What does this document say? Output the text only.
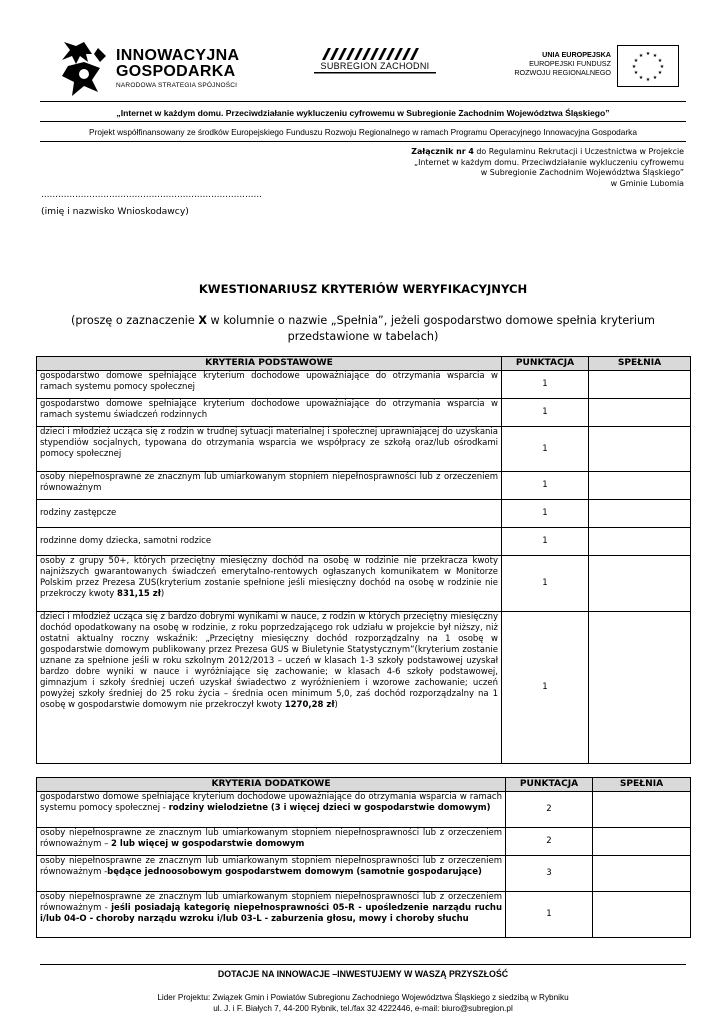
INNOWACYJNA
GOSPODARKA
NARODOWA STRATEGIA SPÓJNOŚCI
SUBREGION ZACHODNI
UNIA EUROPEJSKA
EUROPEJSKI FUNDUSZ
ROZWOJU REGIONALNEGO
★ ★
★
★
★
★
★
★
★
★
★
★
„Internet w każdym domu. Przeciwdziałanie wykluczeniu cyfrowemu w Subregionie Zachodnim Województwa Śląskiego”
Projekt współfinansowany ze środków Europejskiego Funduszu Rozwoju Regionalnego w ramach Programu Operacyjnego Innowacyjna Gospodarka
Załącznik nr 4 do Regulaminu Rekrutacji i Uczestnictwa w Projekcie
„Internet w każdym domu. Przeciwdziałanie wykluczeniu cyfrowemu
w Subregionie Zachodnim Województwa Śląskiego”
w Gminie Lubomia
……………………………………………………………………
(imię i nazwisko Wnioskodawcy)
KWESTIONARIUSZ KRYTERIÓW WERYFIKACYJNYCH
(proszę o zaznaczenie X w kolumnie o nazwie „Spełnia”, jeżeli gospodarstwo domowe spełnia kryterium przedstawione w tabelach)
KRYTERIA PODSTAWOWE	PUNKTACJA	SPEŁNIA
gospodarstwo domowe spełniające kryterium dochodowe upoważniające do otrzymania wsparcia w ramach systemu pomocy społecznej	1	
gospodarstwo domowe spełniające kryterium dochodowe upoważniające do otrzymania wsparcia w ramach systemu świadczeń rodzinnych	1	
dzieci i młodzież ucząca się z rodzin w trudnej sytuacji materialnej i społecznej uprawniającej do uzyskania stypendiów socjalnych, typowana do otrzymania wsparcia we współpracy ze szkołą oraz/lub ośrodkami pomocy społecznej	1	
osoby niepełnosprawne ze znacznym lub umiarkowanym stopniem niepełnosprawności lub z orzeczeniem równoważnym	1	
rodziny zastępcze	1	
rodzinne domy dziecka, samotni rodzice	1	
osoby z grupy 50+, których przeciętny miesięczny dochód na osobę w rodzinie nie przekracza kwoty najniższych gwarantowanych świadczeń emerytalno-rentowych ogłaszanych komunikatem w Monitorze Polskim przez Prezesa ZUS(kryterium zostanie spełnione jeśli miesięczny dochód na osobę w rodzinie nie przekroczy kwoty 831,15 zł)	1	
dzieci i młodzież ucząca się z bardzo dobrymi wynikami w nauce, z rodzin w których przeciętny miesięczny dochód opodatkowany na osobę w rodzinie, z roku poprzedzającego rok udziału w projekcie był niższy, niż ostatni aktualny roczny wskaźnik: „Przeciętny miesięczny dochód rozporządzalny na 1 osobę w gospodarstwie domowym publikowany przez Prezesa GUS w Biuletynie Statystycznym”(kryterium zostanie uznane za spełnione jeśli w roku szkolnym 2012/2013 – uczeń w klasach 1-3 szkoły podstawowej uzyskał bardzo dobre wyniki w nauce i wyróżniające się zachowanie; w klasach 4-6 szkoły podstawowej, gimnazjum i szkoły średniej uczeń uzyskał świadectwo z wyróżnieniem i wzorowe zachowanie; uczeń powyżej szkoły średniej do 25 roku życia – średnia ocen minimum 5,0, zaś dochód rozporządzalny na 1 osobę w gospodarstwie domowym nie przekroczył kwoty 1270,28 zł)	1	
KRYTERIA DODATKOWE	PUNKTACJA	SPEŁNIA
gospodarstwo domowe spełniające kryterium dochodowe upoważniające do otrzymania wsparcia w ramach systemu pomocy społecznej - rodziny wielodzietne (3 i więcej dzieci w gospodarstwie domowym)	2	
osoby niepełnosprawne ze znacznym lub umiarkowanym stopniem niepełnosprawności lub z orzeczeniem równoważnym – 2 lub więcej w gospodarstwie domowym	2	
osoby niepełnosprawne ze znacznym lub umiarkowanym stopniem niepełnosprawności lub z orzeczeniem równoważnym -będące jednoosobowym gospodarstwem domowym (samotnie gospodarujące)	3	
osoby niepełnosprawne ze znacznym lub umiarkowanym stopniem niepełnosprawności lub z orzeczeniem równoważnym - jeśli posiadają kategorię niepełnosprawności 05-R - upośledzenie narządu ruchu i/lub 04-O - choroby narządu wzroku i/lub 03-L - zaburzenia głosu, mowy i choroby słuchu	1	
DOTACJE NA INNOWACJE –INWESTUJEMY W WASZĄ PRZYSZŁOŚĆ
Lider Projektu: Związek Gmin i Powiatów Subregionu Zachodniego Województwa Śląskiego z siedzibą w Rybniku
ul. J. i F. Białych 7, 44-200 Rybnik, tel./fax 32 4222446, e-mail: biuro@subregion.pl
